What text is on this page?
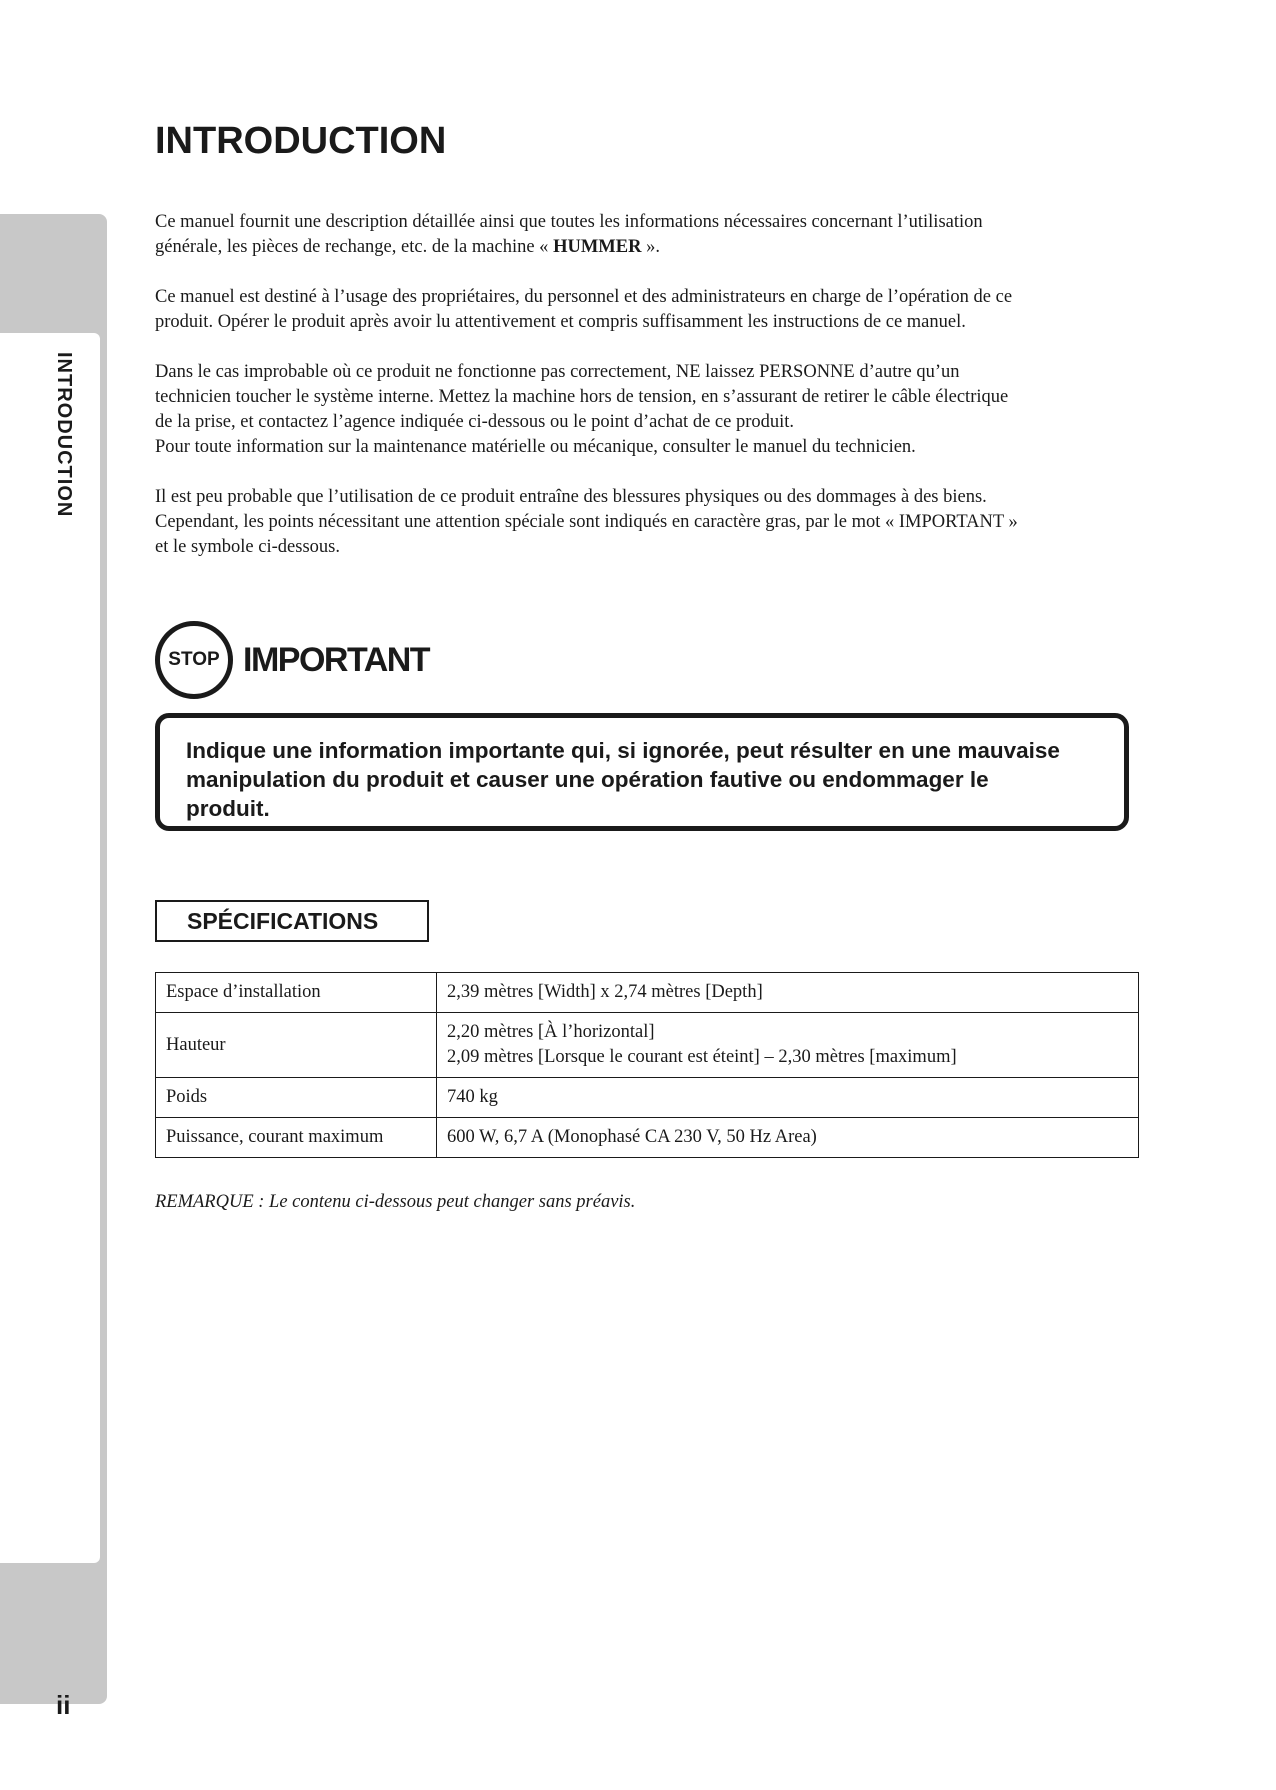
INTRODUCTION
ii
INTRODUCTION

Ce manuel fournit une description détaillée ainsi que toutes les informations nécessaires concernant l’utilisation
générale, les pièces de rechange, etc. de la machine « HUMMER ».

Ce manuel est destiné à l’usage des propriétaires, du personnel et des administrateurs en charge de l’opération de ce
produit. Opérer le produit après avoir lu attentivement et compris suffisamment les instructions de ce manuel.

Dans le cas improbable où ce produit ne fonctionne pas correctement, NE laissez PERSONNE d’autre qu’un
technicien toucher le système interne. Mettez la machine hors de tension, en s’assurant de retirer le câble électrique
de la prise, et contactez l’agence indiquée ci-dessous ou le point d’achat de ce produit.
Pour toute information sur la maintenance matérielle ou mécanique, consulter le manuel du technicien.

Il est peu probable que l’utilisation de ce produit entraîne des blessures physiques ou des dommages à des biens.
Cependant, les points nécessitant une attention spéciale sont indiqués en caractère gras, par le mot « IMPORTANT »
et le symbole ci-dessous.

STOP IMPORTANT
Indique une information importante qui, si ignorée, peut résulter en une mauvaise
manipulation du produit et causer une opération fautive ou endommager le
produit.
SPÉCIFICATIONS
Espace d’installation	2,39 mètres [Width] x 2,74 mètres [Depth]
Hauteur	2,20 mètres [À l’horizontal]
2,09 mètres [Lorsque le courant est éteint] – 2,30 mètres [maximum]

Poids	740 kg
Puissance, courant maximum	600 W, 6,7 A (Monophasé CA 230 V, 50 Hz Area)
REMARQUE : Le contenu ci-dessous peut changer sans préavis.
